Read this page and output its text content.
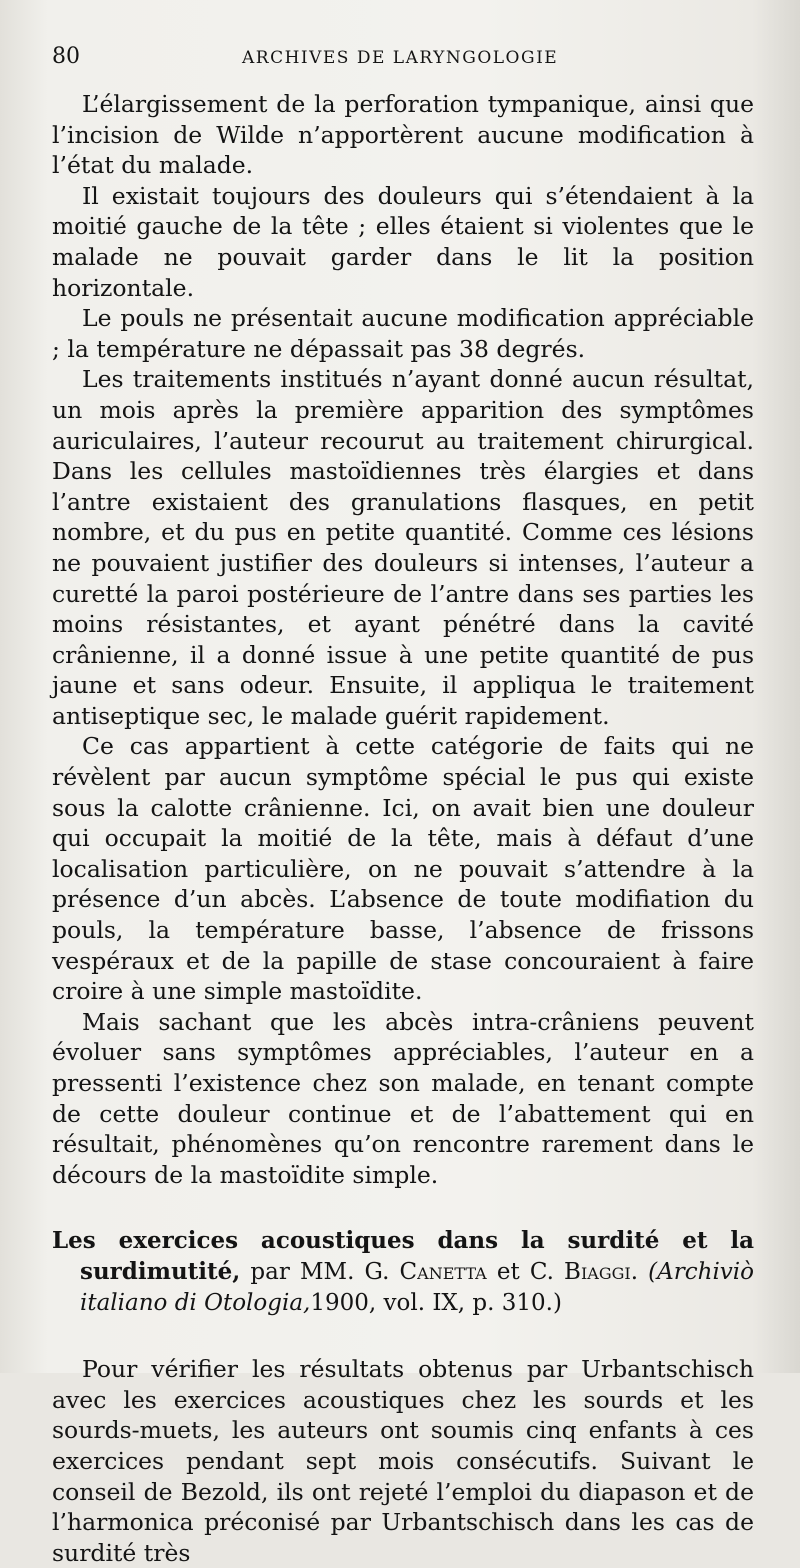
80	ARCHIVES DE LARYNGOLOGIE

L’élargissement de la perforation tympanique, ainsi que l’incision de Wilde n’apportèrent aucune modification à l’état du malade.

Il existait toujours des douleurs qui s’étendaient à la moitié gauche de la tête ; elles étaient si violentes que le malade ne pouvait garder dans le lit la position horizontale.

Le pouls ne présentait aucune modification appréciable ; la température ne dépassait pas 38 degrés.

Les traitements institués n’ayant donné aucun résultat, un mois après la première apparition des symptômes auriculaires, l’auteur recourut au traitement chirurgical. Dans les cellules mastoïdiennes très élargies et dans l’antre existaient des granulations flasques, en petit nombre, et du pus en petite quantité. Comme ces lésions ne pouvaient justifier des douleurs si intenses, l’auteur a curetté la paroi postérieure de l’antre dans ses parties les moins résistantes, et ayant pénétré dans la cavité crânienne, il a donné issue à une petite quantité de pus jaune et sans odeur. Ensuite, il appliqua le traitement antiseptique sec, le malade guérit rapidement.

Ce cas appartient à cette catégorie de faits qui ne révèlent par aucun symptôme spécial le pus qui existe sous la calotte crânienne. Ici, on avait bien une douleur qui occupait la moitié de la tête, mais à défaut d’une localisation particulière, on ne pouvait s’attendre à la présence d’un abcès. L’absence de toute modifiation du pouls, la température basse, l’absence de frissons vespéraux et de la papille de stase concouraient à faire croire à une simple mastoïdite.

Mais sachant que les abcès intra-crâniens peuvent évoluer sans symptômes appréciables, l’auteur en a pressenti l’existence chez son malade, en tenant compte de cette douleur continue et de l’abattement qui en résultait, phénomènes qu’on rencontre rarement dans le décours de la mastoïdite simple.

Les exercices acoustiques dans la surdité et la surdimutité, par MM. G. Canetta et C. Biaggi. (Archiviò italiano di Otologia,1900, vol. IX, p. 310.)

Pour vérifier les résultats obtenus par Urbantschisch avec les exercices acoustiques chez les sourds et les sourds-muets, les auteurs ont soumis cinq enfants à ces exercices pendant sept mois consécutifs. Suivant le conseil de Bezold, ils ont rejeté l’emploi du diapason et de l’harmonica préconisé par Urbantschisch dans les cas de surdité très
